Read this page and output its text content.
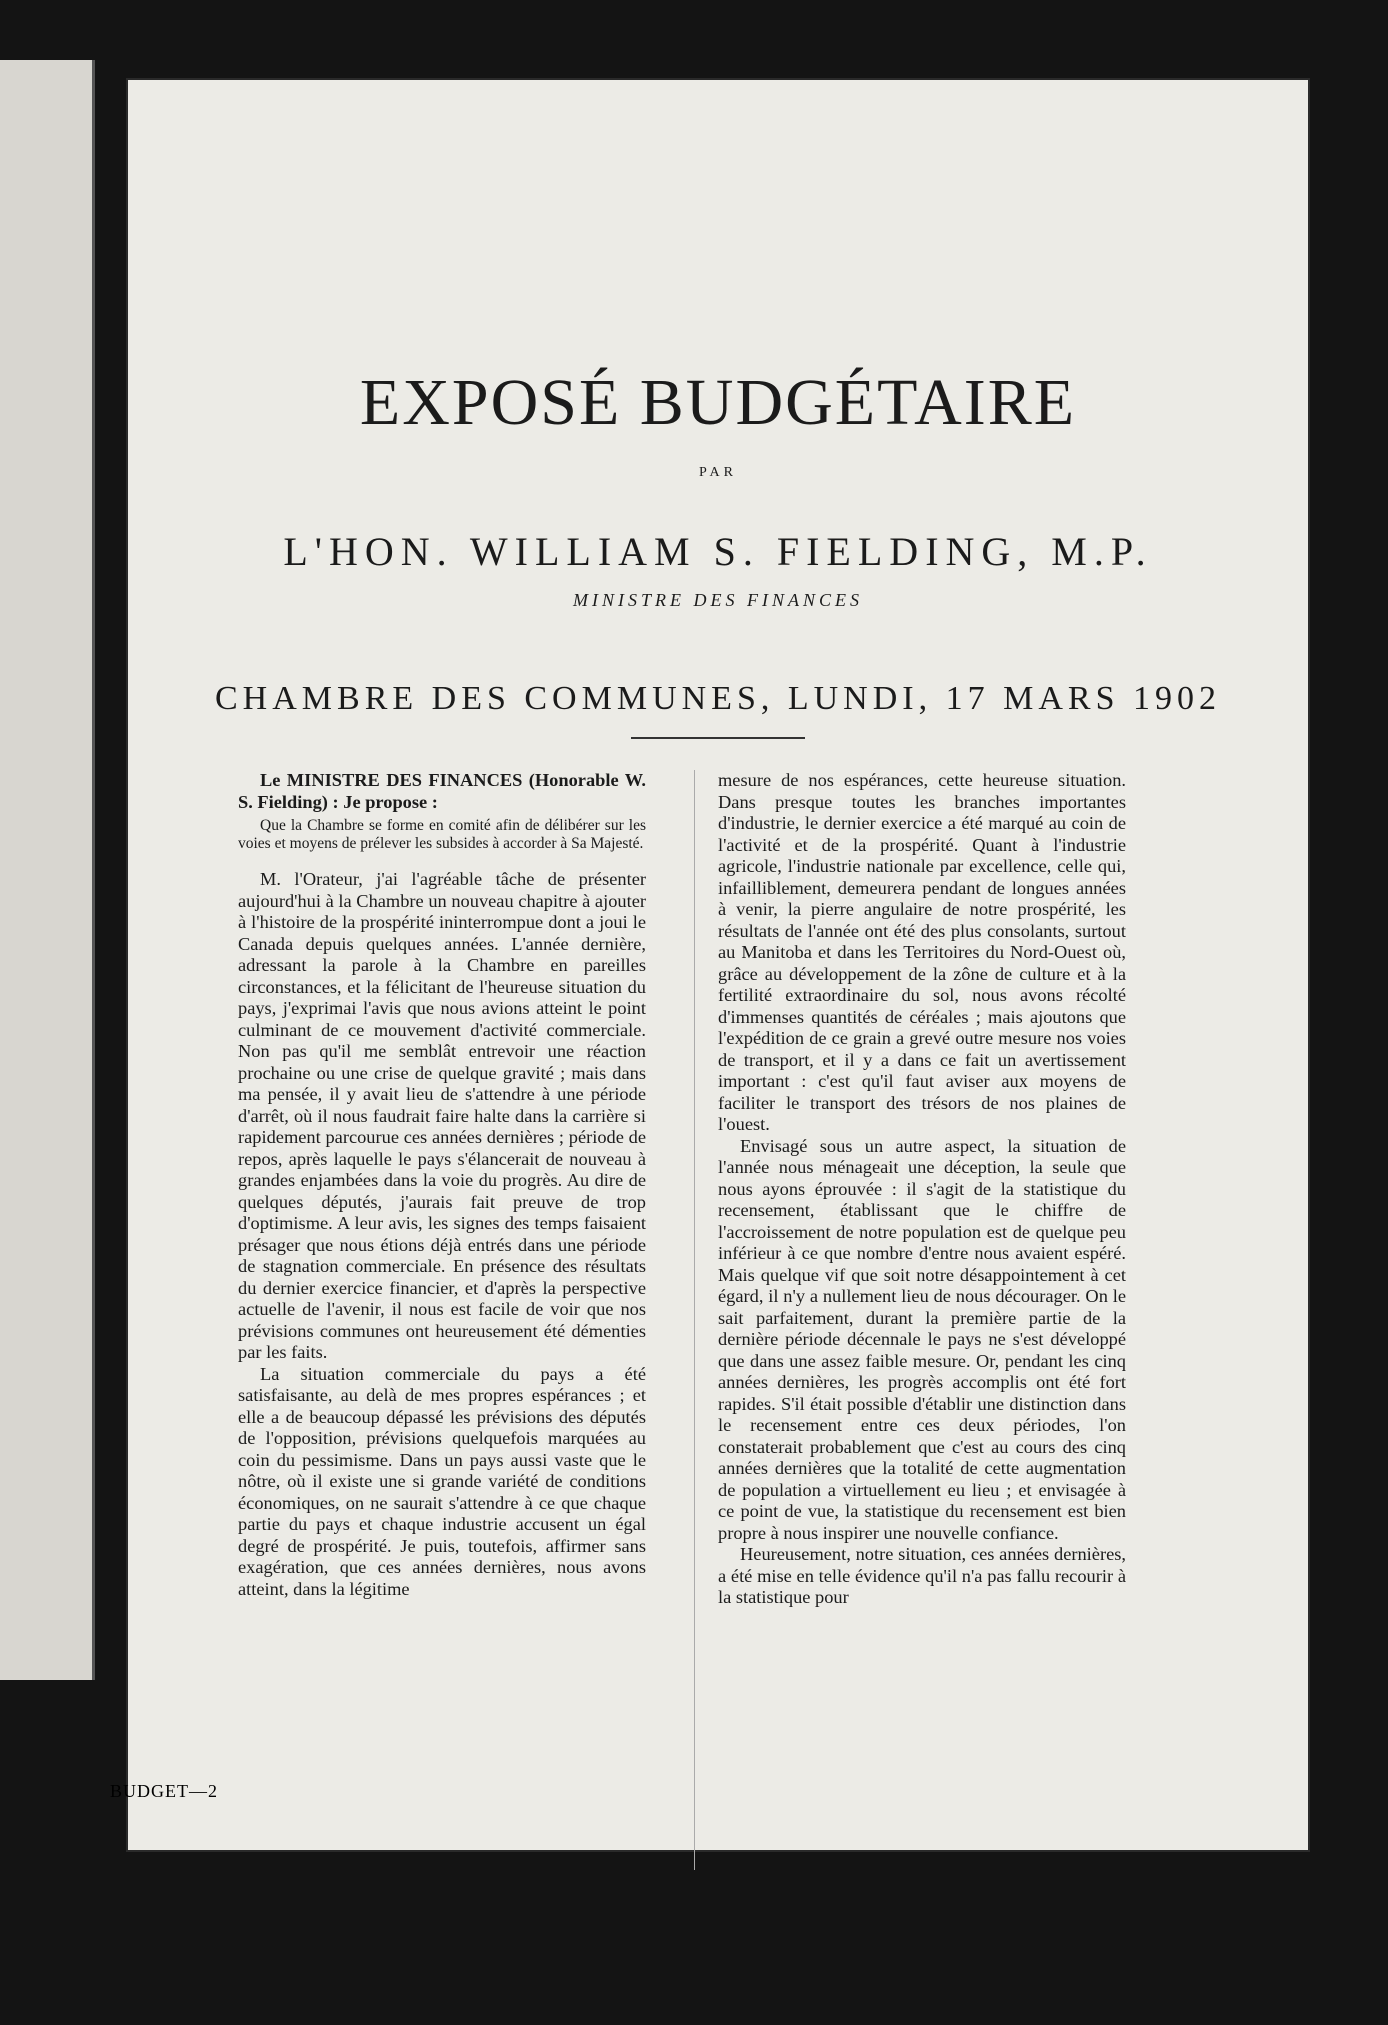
EXPOSÉ BUDGÉTAIRE
PAR
L'HON. WILLIAM S. FIELDING, M.P.
MINISTRE DES FINANCES
CHAMBRE DES COMMUNES, LUNDI, 17 MARS 1902

Le MINISTRE DES FINANCES (Honorable W. S. Fielding) : Je propose :

Que la Chambre se forme en comité afin de délibérer sur les voies et moyens de prélever les subsides à accorder à Sa Majesté.

M. l'Orateur, j'ai l'agréable tâche de présenter aujourd'hui à la Chambre un nouveau chapitre à ajouter à l'histoire de la prospérité ininterrompue dont a joui le Canada depuis quelques années. L'année dernière, adressant la parole à la Chambre en pareilles circonstances, et la félicitant de l'heureuse situation du pays, j'exprimai l'avis que nous avions atteint le point culminant de ce mouvement d'activité commerciale. Non pas qu'il me semblât entrevoir une réaction prochaine ou une crise de quelque gravité ; mais dans ma pensée, il y avait lieu de s'attendre à une période d'arrêt, où il nous faudrait faire halte dans la carrière si rapidement parcourue ces années dernières ; période de repos, après laquelle le pays s'élancerait de nouveau à grandes enjambées dans la voie du progrès. Au dire de quelques députés, j'aurais fait preuve de trop d'optimisme. A leur avis, les signes des temps faisaient présager que nous étions déjà entrés dans une période de stagnation commerciale. En présence des résultats du dernier exercice financier, et d'après la perspective actuelle de l'avenir, il nous est facile de voir que nos prévisions communes ont heureusement été démenties par les faits.

La situation commerciale du pays a été satisfaisante, au delà de mes propres espérances ; et elle a de beaucoup dépassé les prévisions des députés de l'opposition, prévisions quelquefois marquées au coin du pessimisme. Dans un pays aussi vaste que le nôtre, où il existe une si grande variété de conditions économiques, on ne saurait s'attendre à ce que chaque partie du pays et chaque industrie accusent un égal degré de prospérité. Je puis, toutefois, affirmer sans exagération, que ces années dernières, nous avons atteint, dans la légitime

mesure de nos espérances, cette heureuse situation. Dans presque toutes les branches importantes d'industrie, le dernier exercice a été marqué au coin de l'activité et de la prospérité. Quant à l'industrie agricole, l'industrie nationale par excellence, celle qui, infailliblement, demeurera pendant de longues années à venir, la pierre angulaire de notre prospérité, les résultats de l'année ont été des plus consolants, surtout au Manitoba et dans les Territoires du Nord-Ouest où, grâce au développement de la zône de culture et à la fertilité extraordinaire du sol, nous avons récolté d'immenses quantités de céréales ; mais ajoutons que l'expédition de ce grain a grevé outre mesure nos voies de transport, et il y a dans ce fait un avertissement important : c'est qu'il faut aviser aux moyens de faciliter le transport des trésors de nos plaines de l'ouest.

Envisagé sous un autre aspect, la situation de l'année nous ménageait une déception, la seule que nous ayons éprouvée : il s'agit de la statistique du recensement, établissant que le chiffre de l'accroissement de notre population est de quelque peu inférieur à ce que nombre d'entre nous avaient espéré. Mais quelque vif que soit notre désappointement à cet égard, il n'y a nullement lieu de nous décourager. On le sait parfaitement, durant la première partie de la dernière période décennale le pays ne s'est développé que dans une assez faible mesure. Or, pendant les cinq années dernières, les progrès accomplis ont été fort rapides. S'il était possible d'établir une distinction dans le recensement entre ces deux périodes, l'on constaterait probablement que c'est au cours des cinq années dernières que la totalité de cette augmentation de population a virtuellement eu lieu ; et envisagée à ce point de vue, la statistique du recensement est bien propre à nous inspirer une nouvelle confiance.

Heureusement, notre situation, ces années dernières, a été mise en telle évidence qu'il n'a pas fallu recourir à la statistique pour

BUDGET—2
